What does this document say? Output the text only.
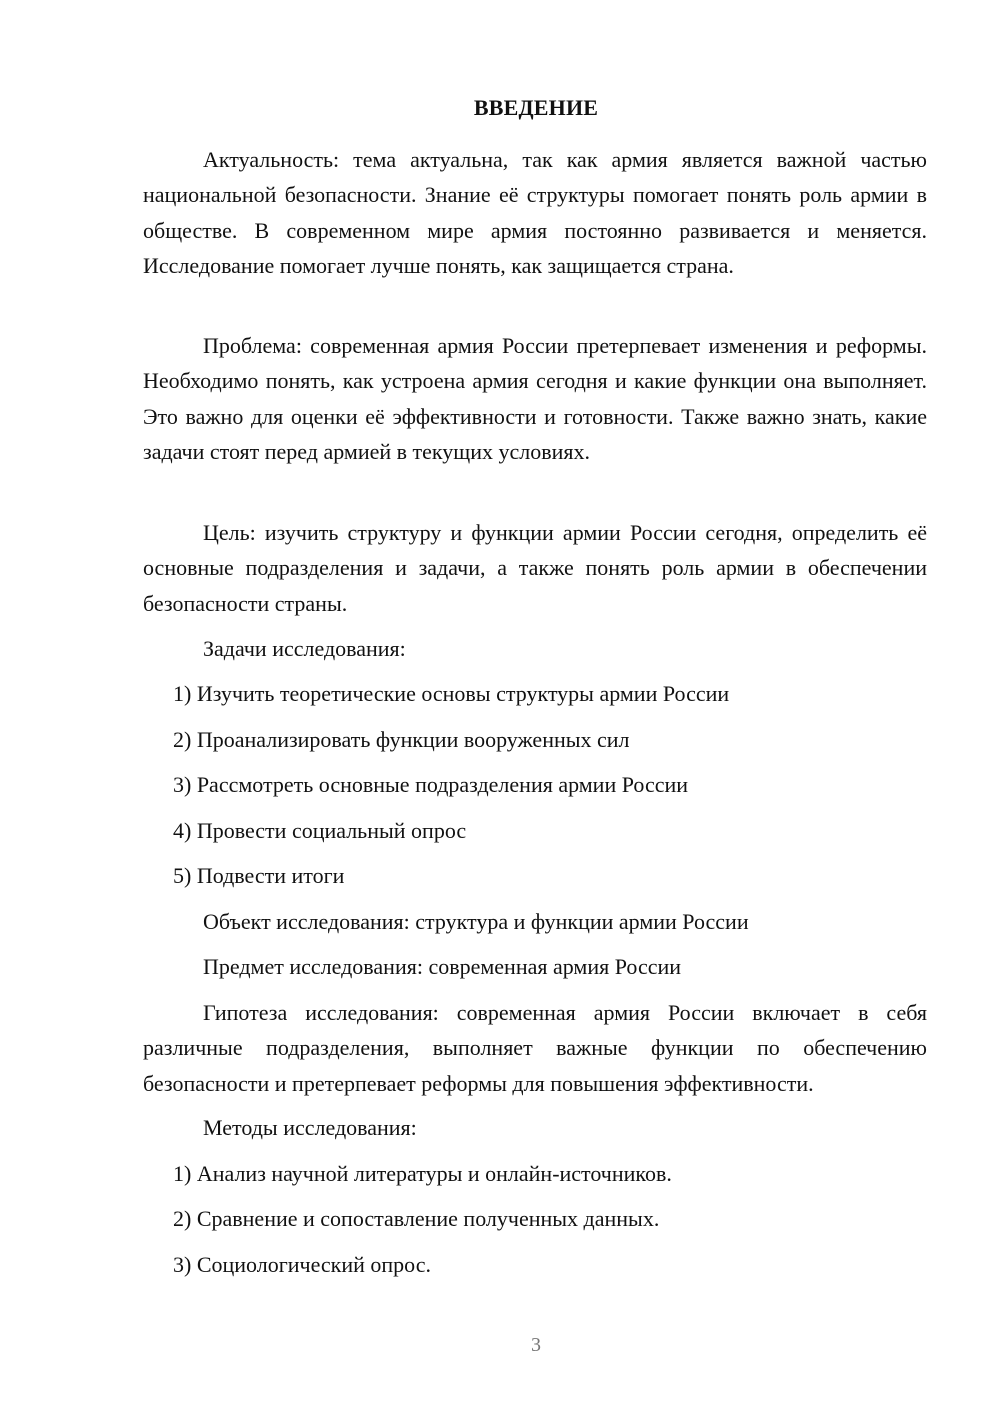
ВВЕДЕНИЕ

Актуальность: тема актуальна, так как армия является важной частью национальной безопасности. Знание её структуры помогает понять роль армии в обществе. В современном мире армия постоянно развивается и меняется. Исследование помогает лучше понять, как защищается страна.

Проблема: современная армия России претерпевает изменения и реформы. Необходимо понять, как устроена армия сегодня и какие функции она выполняет. Это важно для оценки её эффективности и готовности. Также важно знать, какие задачи стоят перед армией в текущих условиях.

Цель: изучить структуру и функции армии России сегодня, определить её основные подразделения и задачи, а также понять роль армии в обеспечении безопасности страны.

Задачи исследования:

1) Изучить теоретические основы структуры армии России

2) Проанализировать функции вооруженных сил

3) Рассмотреть основные подразделения армии России

4) Провести социальный опрос

5) Подвести итоги

Объект исследования: структура и функции армии России

Предмет исследования: современная армия России

Гипотеза исследования: современная армия России включает в себя различные подразделения, выполняет важные функции по обеспечению безопасности и претерпевает реформы для повышения эффективности.

Методы исследования:

1) Анализ научной литературы и онлайн-источников.

2) Сравнение и сопоставление полученных данных.

3) Социологический опрос.

3
